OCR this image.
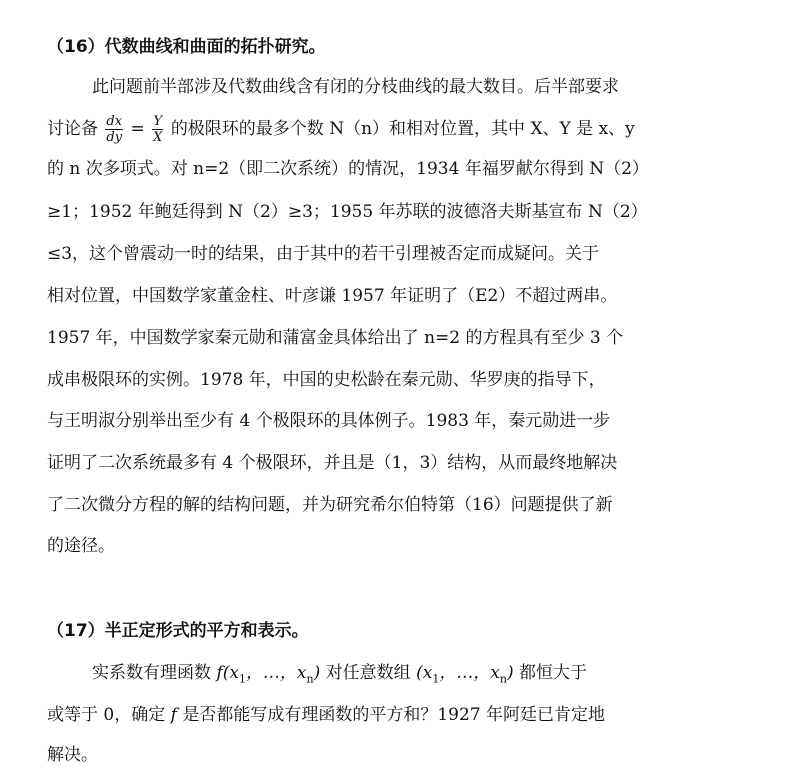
（16）代数曲线和曲面的拓扑研究。
此问题前半部涉及代数曲线含有闭的分枝曲线的最大数目。后半部要求
讨论备 $\frac{dx}{dy} = \frac{Y}{X}$ 的极限环的最多个数 N（n）和相对位置，其中 X、Y 是 x、y
的 n 次多项式。对 n=2（即二次系统）的情况，1934 年福罗献尔得到 N（2）
≥1；1952 年鲍廷得到 N（2）≥3；1955 年苏联的波德洛夫斯基宣布 N（2）
≤3，这个曾震动一时的结果，由于其中的若干引理被否定而成疑问。关于
相对位置，中国数学家董金柱、叶彦谦 1957 年证明了（E2）不超过两串。
1957 年，中国数学家秦元勋和蒲富金具体给出了 n=2 的方程具有至少 3 个
成串极限环的实例。1978 年，中国的史松龄在秦元勋、华罗庚的指导下，
与王明淑分别举出至少有 4 个极限环的具体例子。1983 年，秦元勋进一步
证明了二次系统最多有 4 个极限环，并且是（1，3）结构，从而最终地解决
了二次微分方程的解的结构问题，并为研究希尔伯特第（16）问题提供了新
的途径。
（17）半正定形式的平方和表示。
实系数有理函数 $f(x_1$，…，$x_n$) 对任意数组 ($x_1$，…，$x_n$) 都恒大于
或等于 0，确定 f 是否都能写成有理函数的平方和？1927 年阿廷已肯定地
解决。
